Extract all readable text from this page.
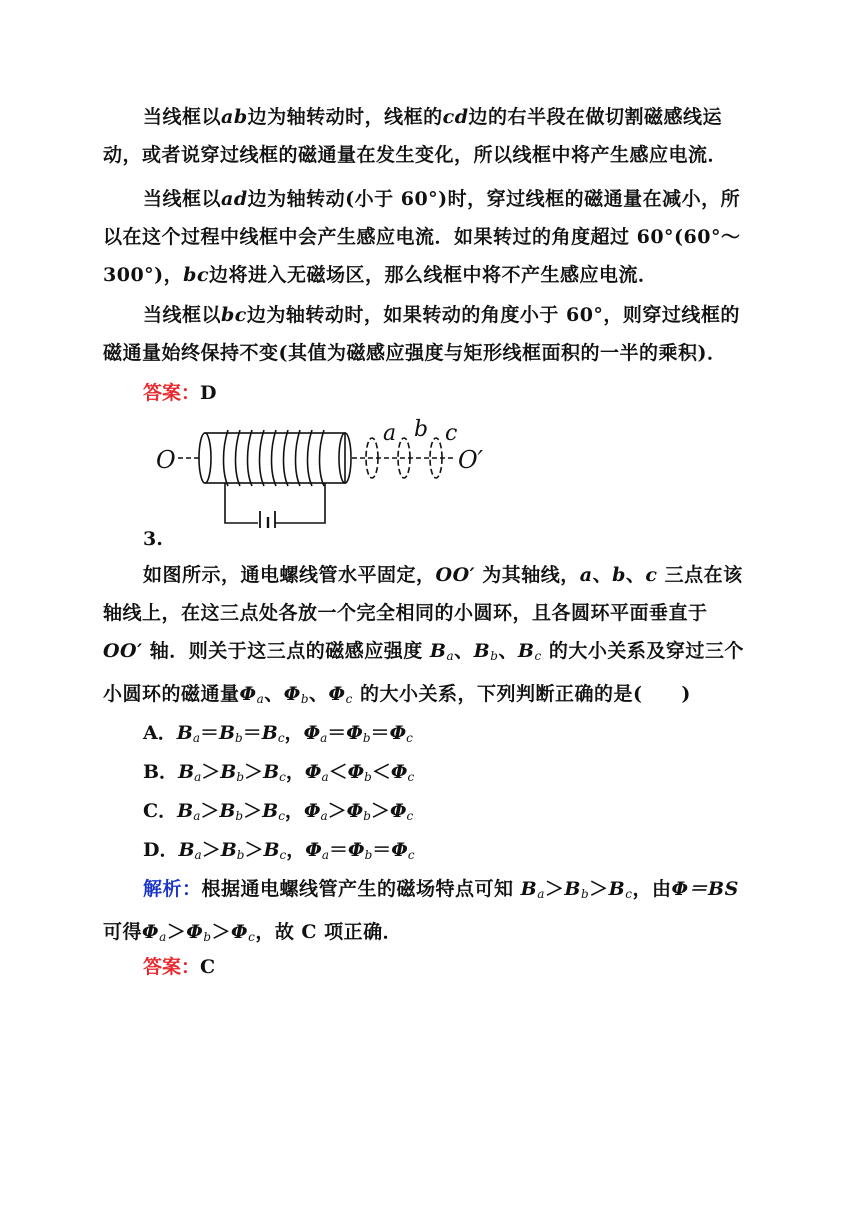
当线框以ab边为轴转动时，线框的cd边的右半段在做切割磁感线运动，或者说穿过线框的磁通量在发生变化，所以线框中将产生感应电流．

当线框以ad边为轴转动(小于 60°)时，穿过线框的磁通量在减小，所以在这个过程中线框中会产生感应电流．如果转过的角度超过 60°(60°～300°)，bc边将进入无磁场区，那么线框中将不产生感应电流．

当线框以bc边为轴转动时，如果转动的角度小于 60°，则穿过线框的磁通量始终保持不变(其值为磁感应强度与矩形线框面积的一半的乘积)．

答案：D
O	O′
a b c
3.

如图所示，通电螺线管水平固定，OO′ 为其轴线，a、b、c 三点在该轴线上，在这三点处各放一个完全相同的小圆环，且各圆环平面垂直于OO′ 轴．则关于这三点的磁感应强度 $B_a$、$B_b$、$B_c$ 的大小关系及穿过三个小圆环的磁通量$\Phi_a$、$\Phi_b$、$\Phi_c$ 的大小关系，下列判断正确的是(　　)

A．$B_a=B_b=B_c$，$\Phi_a=\Phi_b=\Phi_c$
B．$B_a>B_b>B_c$，$\Phi_a<\Phi_b<\Phi_c$
C．$B_a>B_b>B_c$，$\Phi_a>\Phi_b>\Phi_c$
D．$B_a>B_b>B_c$，$\Phi_a=\Phi_b=\Phi_c$

解析：根据通电螺线管产生的磁场特点可知 $B_a>B_b>B_c$，由Φ＝BS 可得$\Phi_a>\Phi_b>\Phi_c$，故 C 项正确．

答案：C
